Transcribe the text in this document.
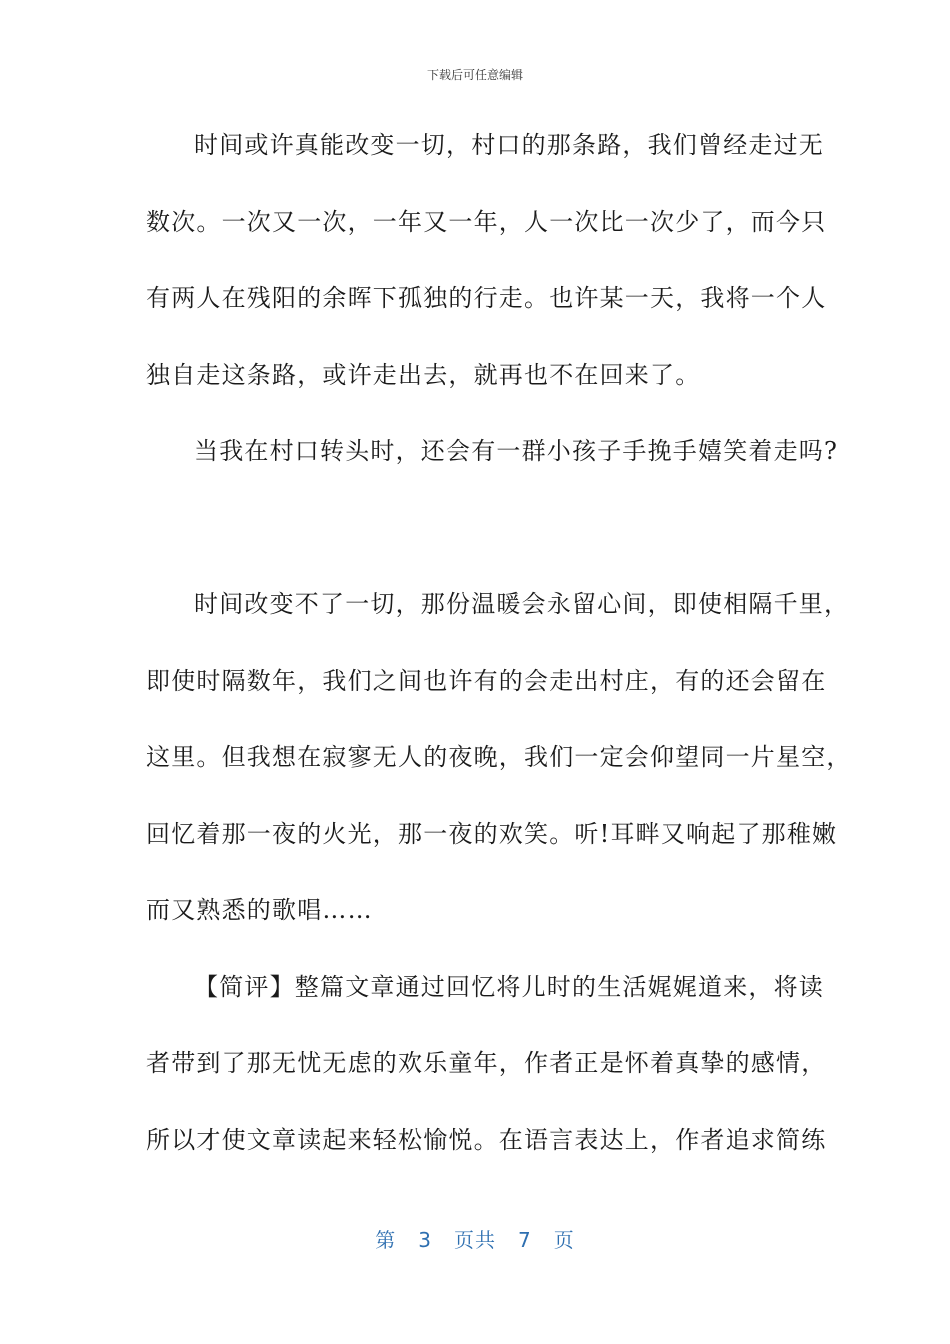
下载后可任意编辑
时间或许真能改变一切，村口的那条路，我们曾经走过无
数次。一次又一次，一年又一年，人一次比一次少了，而今只
有两人在残阳的余晖下孤独的行走。也许某一天，我将一个人
独自走这条路，或许走出去，就再也不在回来了。
当我在村口转头时，还会有一群小孩子手挽手嬉笑着走吗?
时间改变不了一切，那份温暖会永留心间，即使相隔千里，
即使时隔数年，我们之间也许有的会走出村庄，有的还会留在
这里。但我想在寂寥无人的夜晚，我们一定会仰望同一片星空，
回忆着那一夜的火光，那一夜的欢笑。听!耳畔又响起了那稚嫩
而又熟悉的歌唱……
【简评】整篇文章通过回忆将儿时的生活娓娓道来，将读
者带到了那无忧无虑的欢乐童年，作者正是怀着真挚的感情，
所以才使文章读起来轻松愉悦。在语言表达上，作者追求简练
第 3 页共 7 页
